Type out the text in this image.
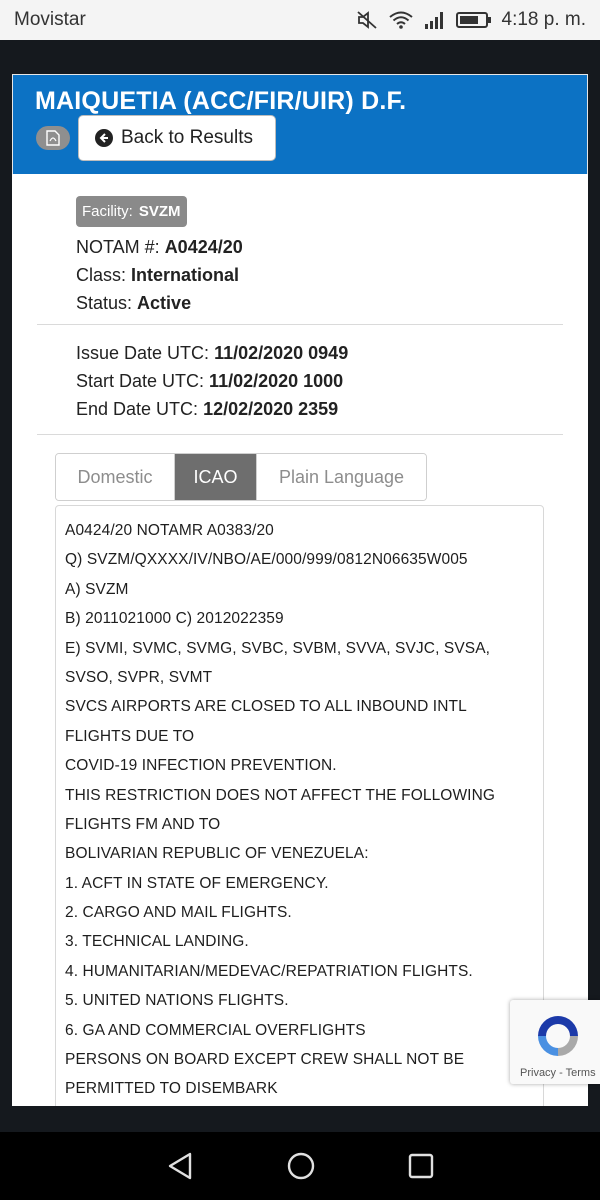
Movistar	4:18 p. m.
MAIQUETIA (ACC/FIR/UIR) D.F.
Back to Results
Facility: SVZM
NOTAM #: A0424/20
Class: International
Status: Active
Issue Date UTC: 11/02/2020 0949
Start Date UTC: 11/02/2020 1000
End Date UTC: 12/02/2020 2359
Domestic	ICAO	Plain Language
A0424/20 NOTAMR A0383/20
Q) SVZM/QXXXX/IV/NBO/AE/000/999/0812N06635W005
A) SVZM
B) 2011021000 C) 2012022359
E) SVMI, SVMC, SVMG, SVBC, SVBM, SVVA, SVJC, SVSA,
SVSO, SVPR, SVMT
SVCS AIRPORTS ARE CLOSED TO ALL INBOUND INTL
FLIGHTS DUE TO
COVID-19 INFECTION PREVENTION.
THIS RESTRICTION DOES NOT AFFECT THE FOLLOWING
FLIGHTS FM AND TO
BOLIVARIAN REPUBLIC OF VENEZUELA:
1. ACFT IN STATE OF EMERGENCY.
2. CARGO AND MAIL FLIGHTS.
3. TECHNICAL LANDING.
4. HUMANITARIAN/MEDEVAC/REPATRIATION FLIGHTS.
5. UNITED NATIONS FLIGHTS.
6. GA AND COMMERCIAL OVERFLIGHTS
PERSONS ON BOARD EXCEPT CREW SHALL NOT BE
PERMITTED TO DISEMBARK
Privacy - Terms
